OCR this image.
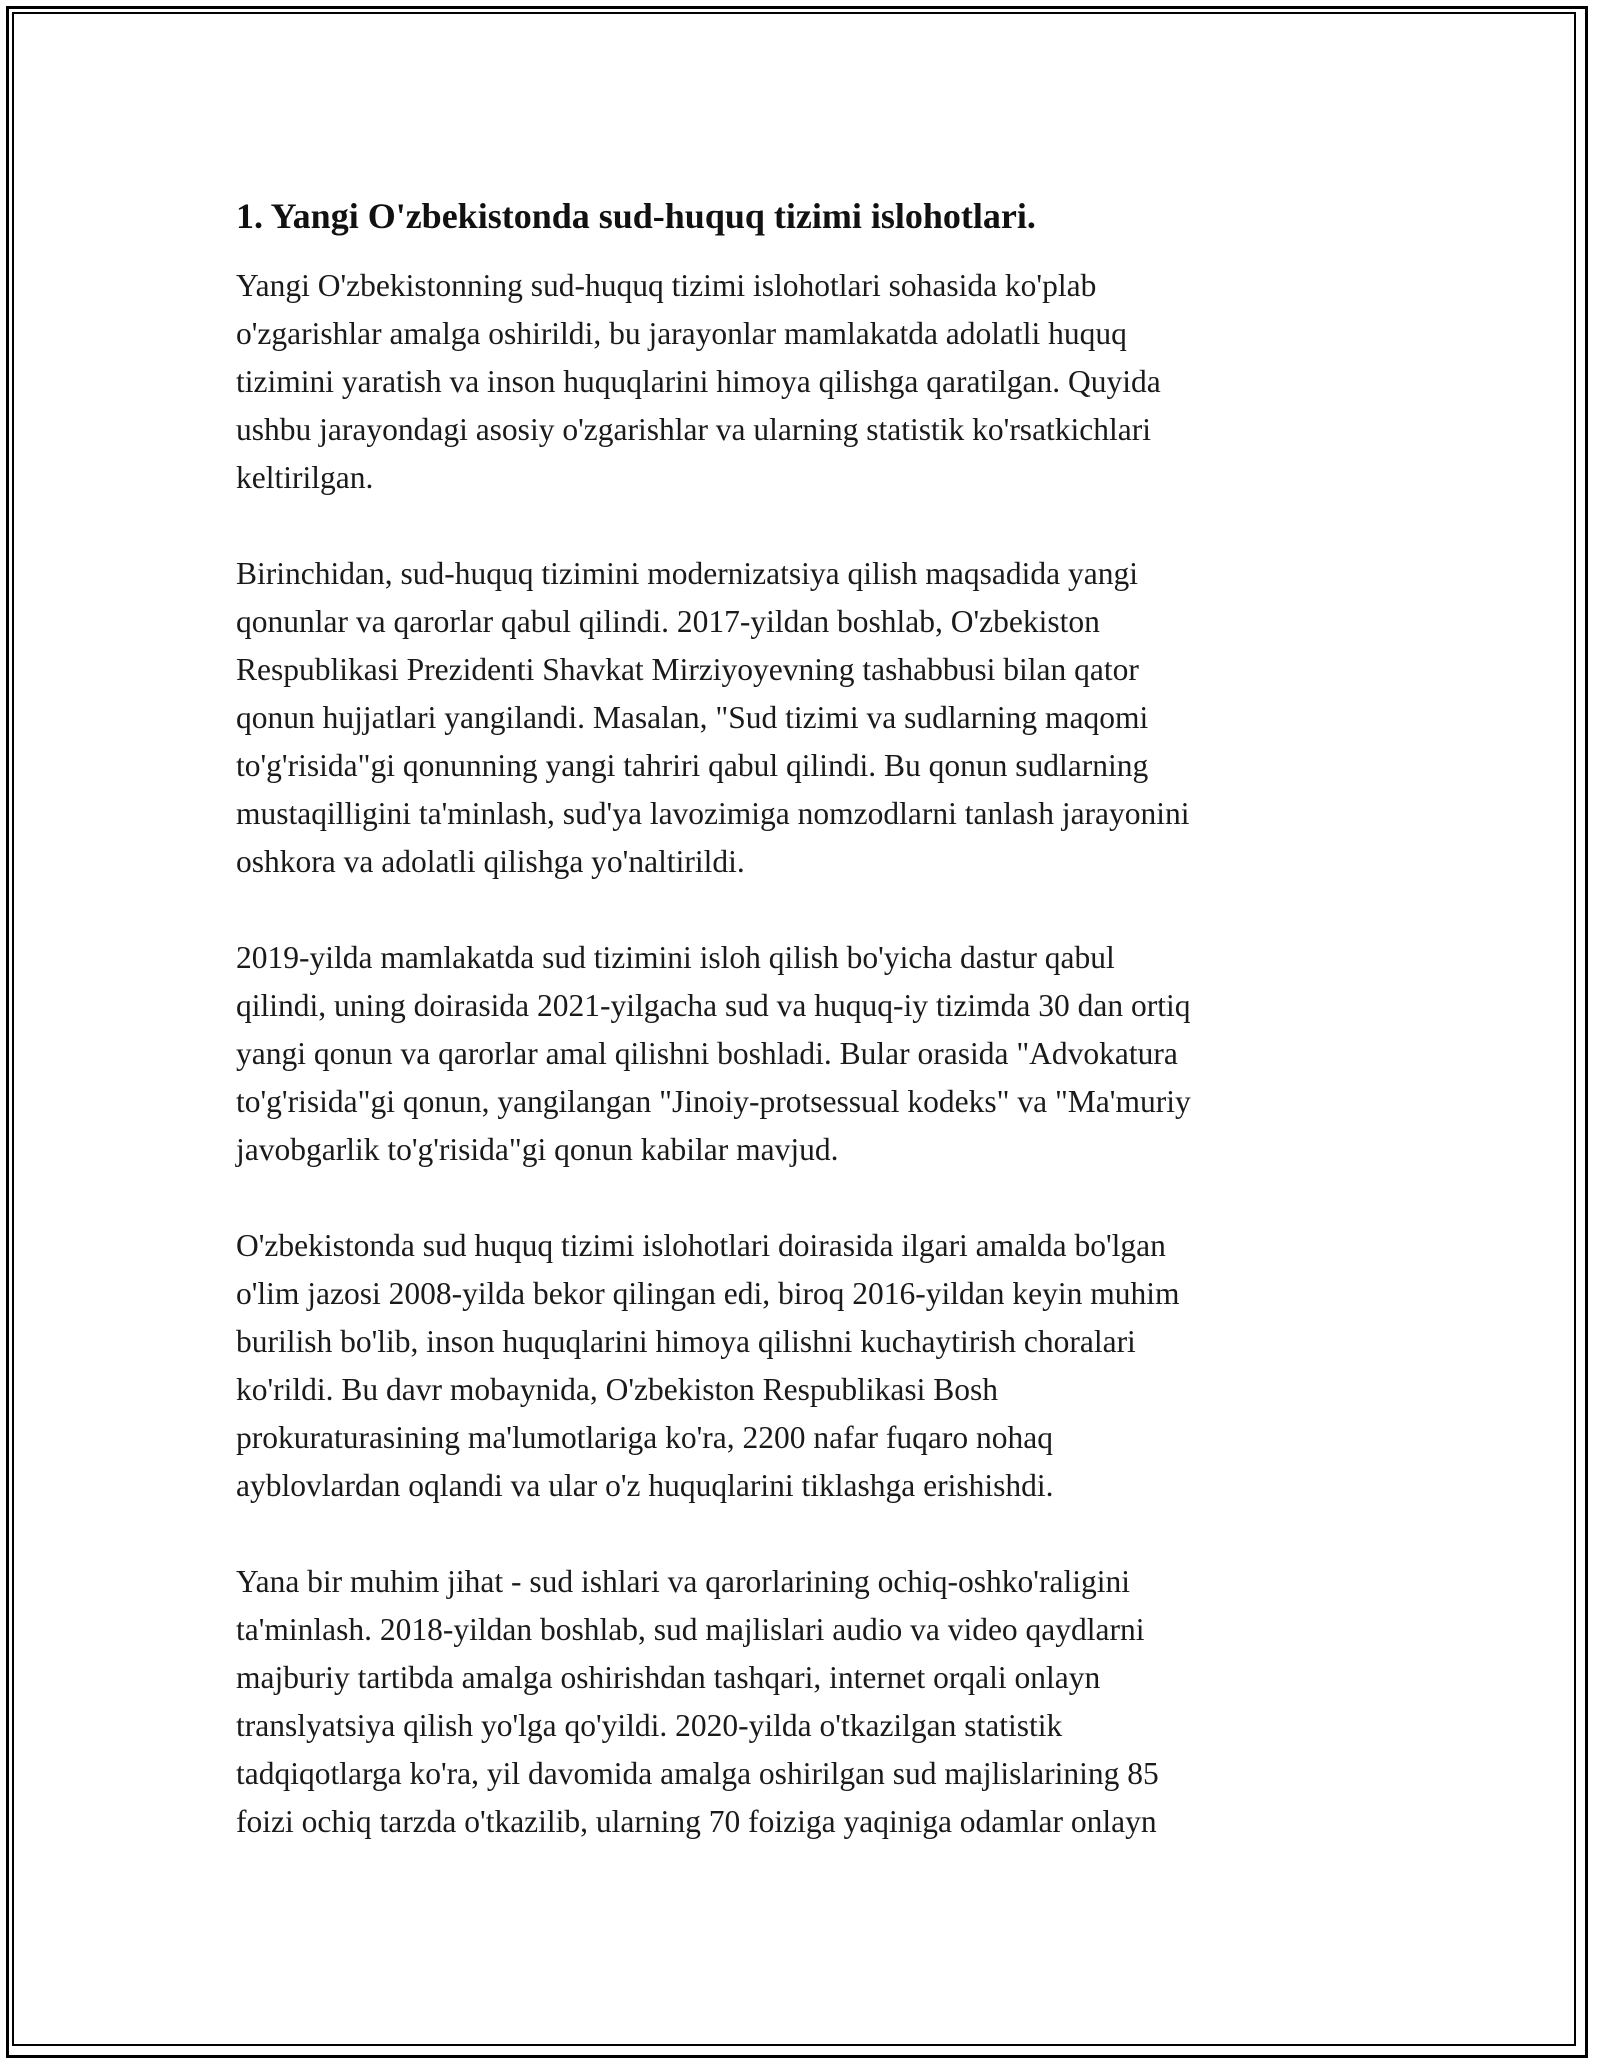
1. Yangi O'zbekistonda sud-huquq tizimi islohotlari.

Yangi O'zbekistonning sud-huquq tizimi islohotlari sohasida ko'plab
o'zgarishlar amalga oshirildi, bu jarayonlar mamlakatda adolatli huquq
tizimini yaratish va inson huquqlarini himoya qilishga qaratilgan. Quyida
ushbu jarayondagi asosiy o'zgarishlar va ularning statistik ko'rsatkichlari
keltirilgan.

Birinchidan, sud-huquq tizimini modernizatsiya qilish maqsadida yangi
qonunlar va qarorlar qabul qilindi. 2017-yildan boshlab, O'zbekiston
Respublikasi Prezidenti Shavkat Mirziyoyevning tashabbusi bilan qator
qonun hujjatlari yangilandi. Masalan, "Sud tizimi va sudlarning maqomi
to'g'risida"gi qonunning yangi tahriri qabul qilindi. Bu qonun sudlarning
mustaqilligini ta'minlash, sud'ya lavozimiga nomzodlarni tanlash jarayonini
oshkora va adolatli qilishga yo'naltirildi.

2019-yilda mamlakatda sud tizimini isloh qilish bo'yicha dastur qabul
qilindi, uning doirasida 2021-yilgacha sud va huquq-iy tizimda 30 dan ortiq
yangi qonun va qarorlar amal qilishni boshladi. Bular orasida "Advokatura
to'g'risida"gi qonun, yangilangan "Jinoiy-protsessual kodeks" va "Ma'muriy
javobgarlik to'g'risida"gi qonun kabilar mavjud.

O'zbekistonda sud huquq tizimi islohotlari doirasida ilgari amalda bo'lgan
o'lim jazosi 2008-yilda bekor qilingan edi, biroq 2016-yildan keyin muhim
burilish bo'lib, inson huquqlarini himoya qilishni kuchaytirish choralari
ko'rildi. Bu davr mobaynida, O'zbekiston Respublikasi Bosh
prokuraturasining ma'lumotlariga ko'ra, 2200 nafar fuqaro nohaq
ayblovlardan oqlandi va ular o'z huquqlarini tiklashga erishishdi.

Yana bir muhim jihat - sud ishlari va qarorlarining ochiq-oshko'raligini
ta'minlash. 2018-yildan boshlab, sud majlislari audio va video qaydlarni
majburiy tartibda amalga oshirishdan tashqari, internet orqali onlayn
translyatsiya qilish yo'lga qo'yildi. 2020-yilda o'tkazilgan statistik
tadqiqotlarga ko'ra, yil davomida amalga oshirilgan sud majlislarining 85
foizi ochiq tarzda o'tkazilib, ularning 70 foiziga yaqiniga odamlar onlayn
